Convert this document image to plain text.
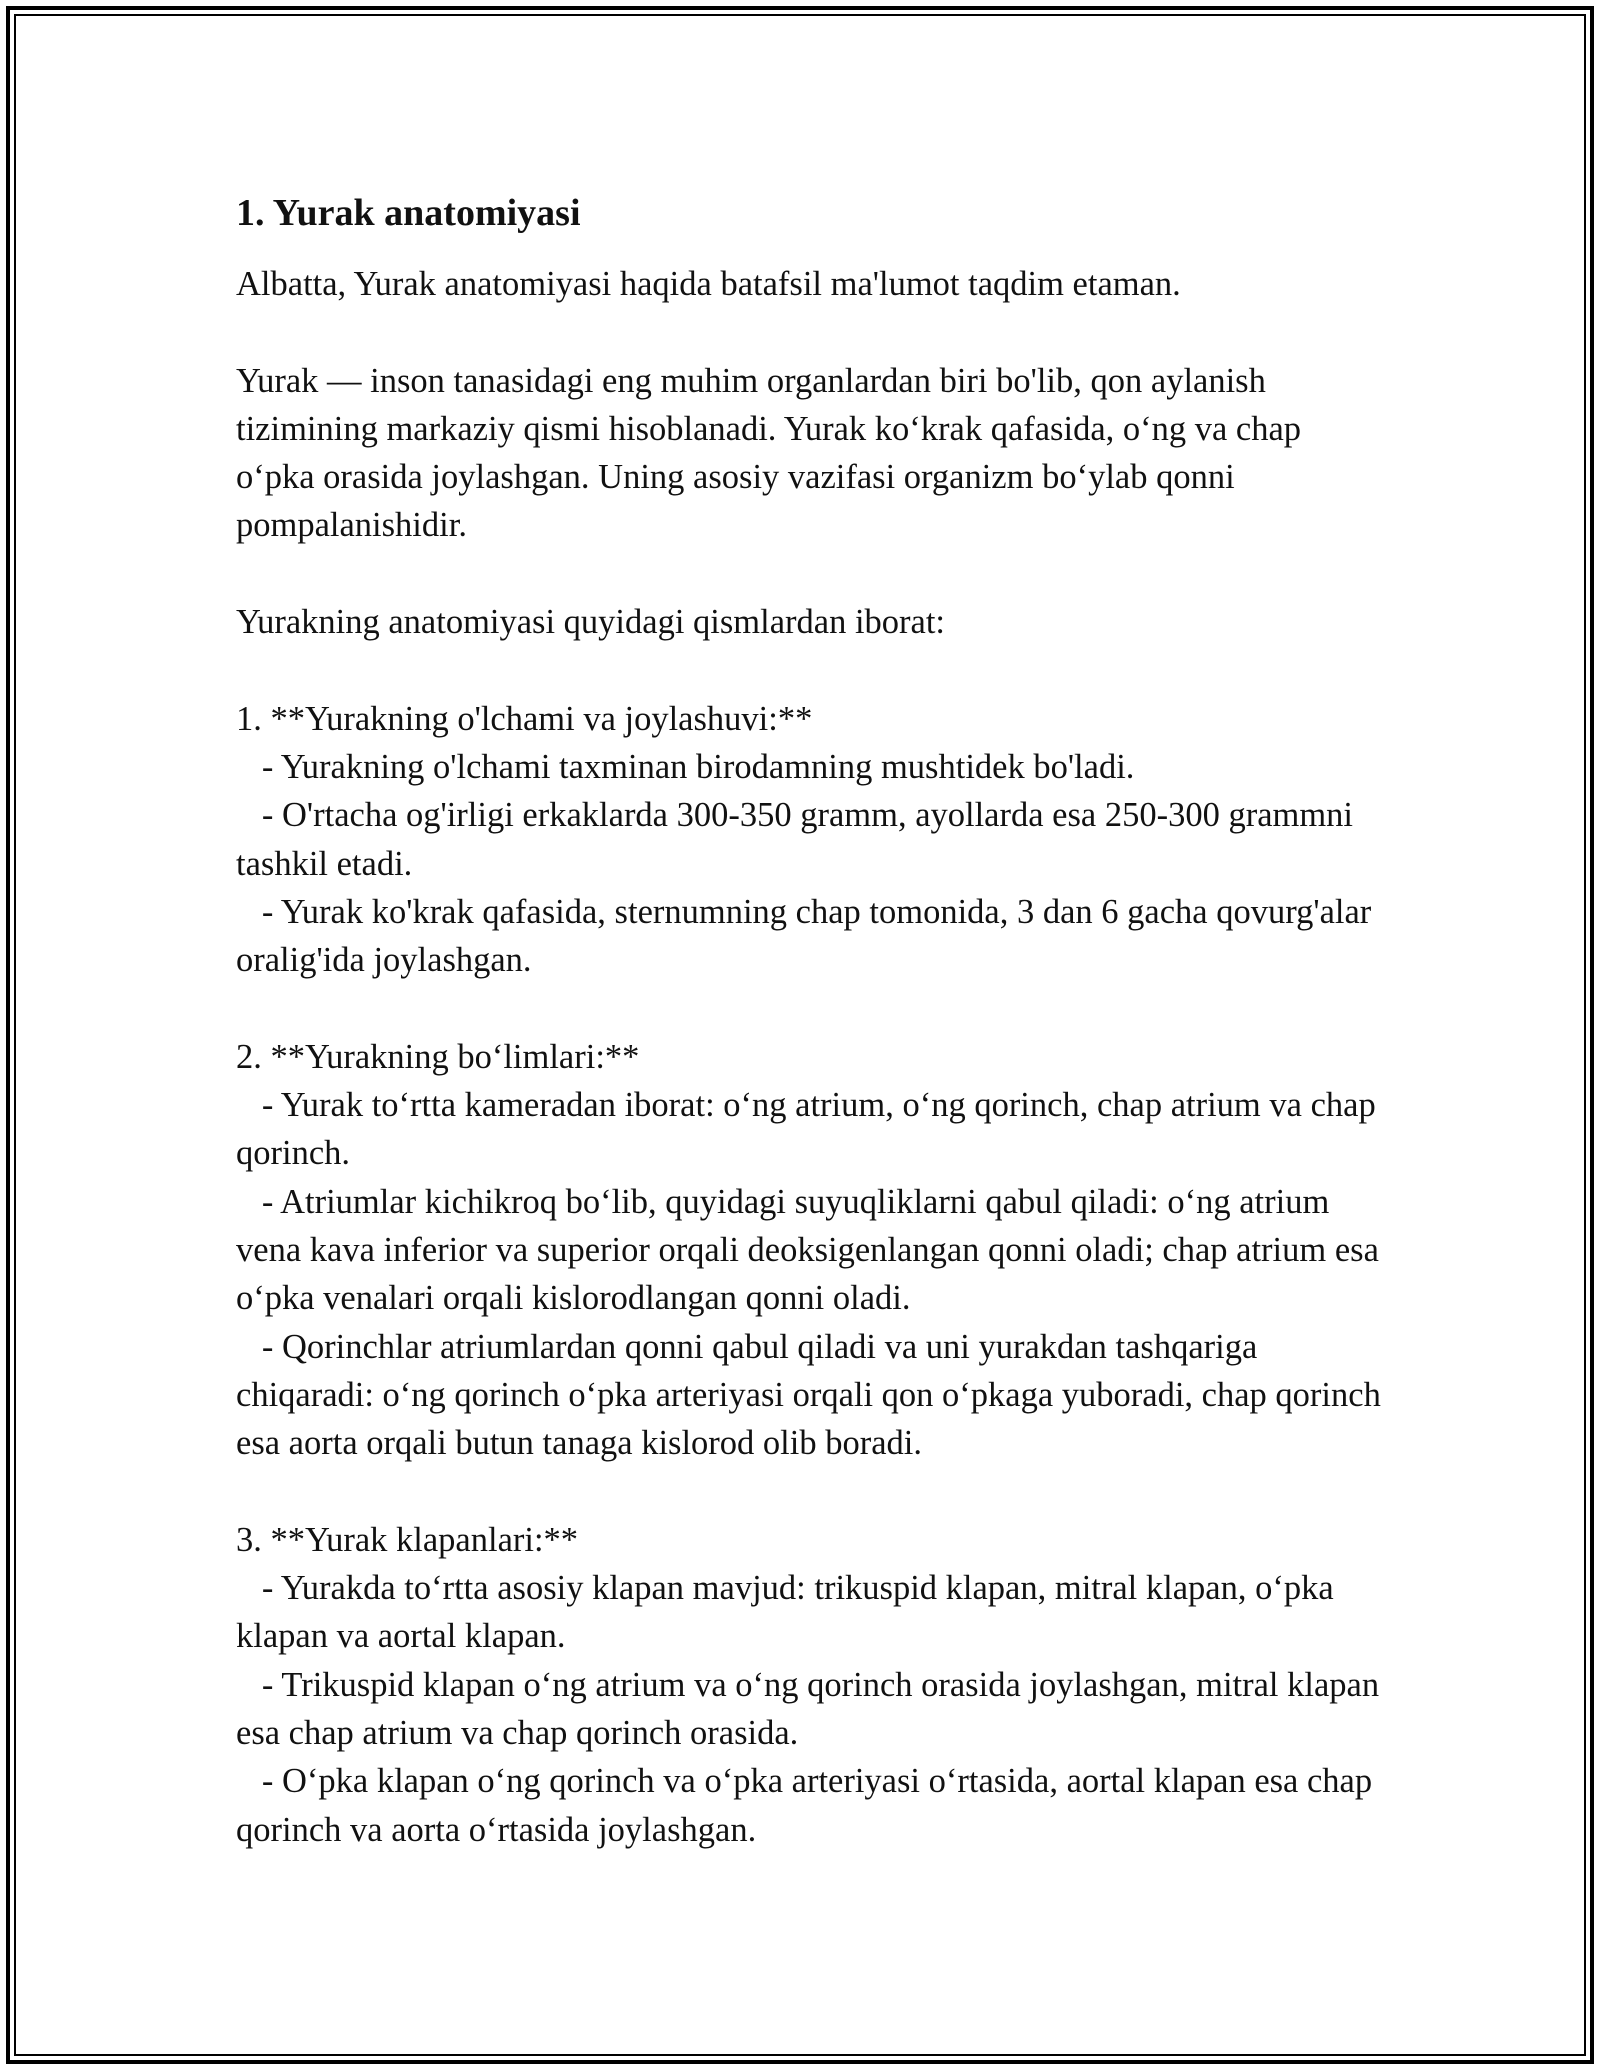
1. Yurak anatomiyasi

Albatta, Yurak anatomiyasi haqida batafsil ma'lumot taqdim etaman.

Yurak — inson tanasidagi eng muhim organlardan biri bo'lib, qon aylanish tizimining markaziy qismi hisoblanadi. Yurak ko‘krak qafasida, o‘ng va chap o‘pka orasida joylashgan. Uning asosiy vazifasi organizm bo‘ylab qonni pompalanishidir.

Yurakning anatomiyasi quyidagi qismlardan iborat:

1. **Yurakning o'lchami va joylashuvi:**

- Yurakning o'lchami taxminan birodamning mushtidek bo'ladi.

- O'rtacha og'irligi erkaklarda 300-350 gramm, ayollarda esa 250-300 grammni tashkil etadi.

- Yurak ko'krak qafasida, sternumning chap tomonida, 3 dan 6 gacha qovurg'alar oralig'ida joylashgan.

2. **Yurakning bo‘limlari:**

- Yurak to‘rtta kameradan iborat: o‘ng atrium, o‘ng qorinch, chap atrium va chap qorinch.

- Atriumlar kichikroq bo‘lib, quyidagi suyuqliklarni qabul qiladi: o‘ng atrium vena kava inferior va superior orqali deoksigenlangan qonni oladi; chap atrium esa o‘pka venalari orqali kislorodlangan qonni oladi.

- Qorinchlar atriumlardan qonni qabul qiladi va uni yurakdan tashqariga chiqaradi: o‘ng qorinch o‘pka arteriyasi orqali qon o‘pkaga yuboradi, chap qorinch esa aorta orqali butun tanaga kislorod olib boradi.

3. **Yurak klapanlari:**

- Yurakda to‘rtta asosiy klapan mavjud: trikuspid klapan, mitral klapan, o‘pka klapan va aortal klapan.

- Trikuspid klapan o‘ng atrium va o‘ng qorinch orasida joylashgan, mitral klapan esa chap atrium va chap qorinch orasida.

- O‘pka klapan o‘ng qorinch va o‘pka arteriyasi o‘rtasida, aortal klapan esa chap qorinch va aorta o‘rtasida joylashgan.
